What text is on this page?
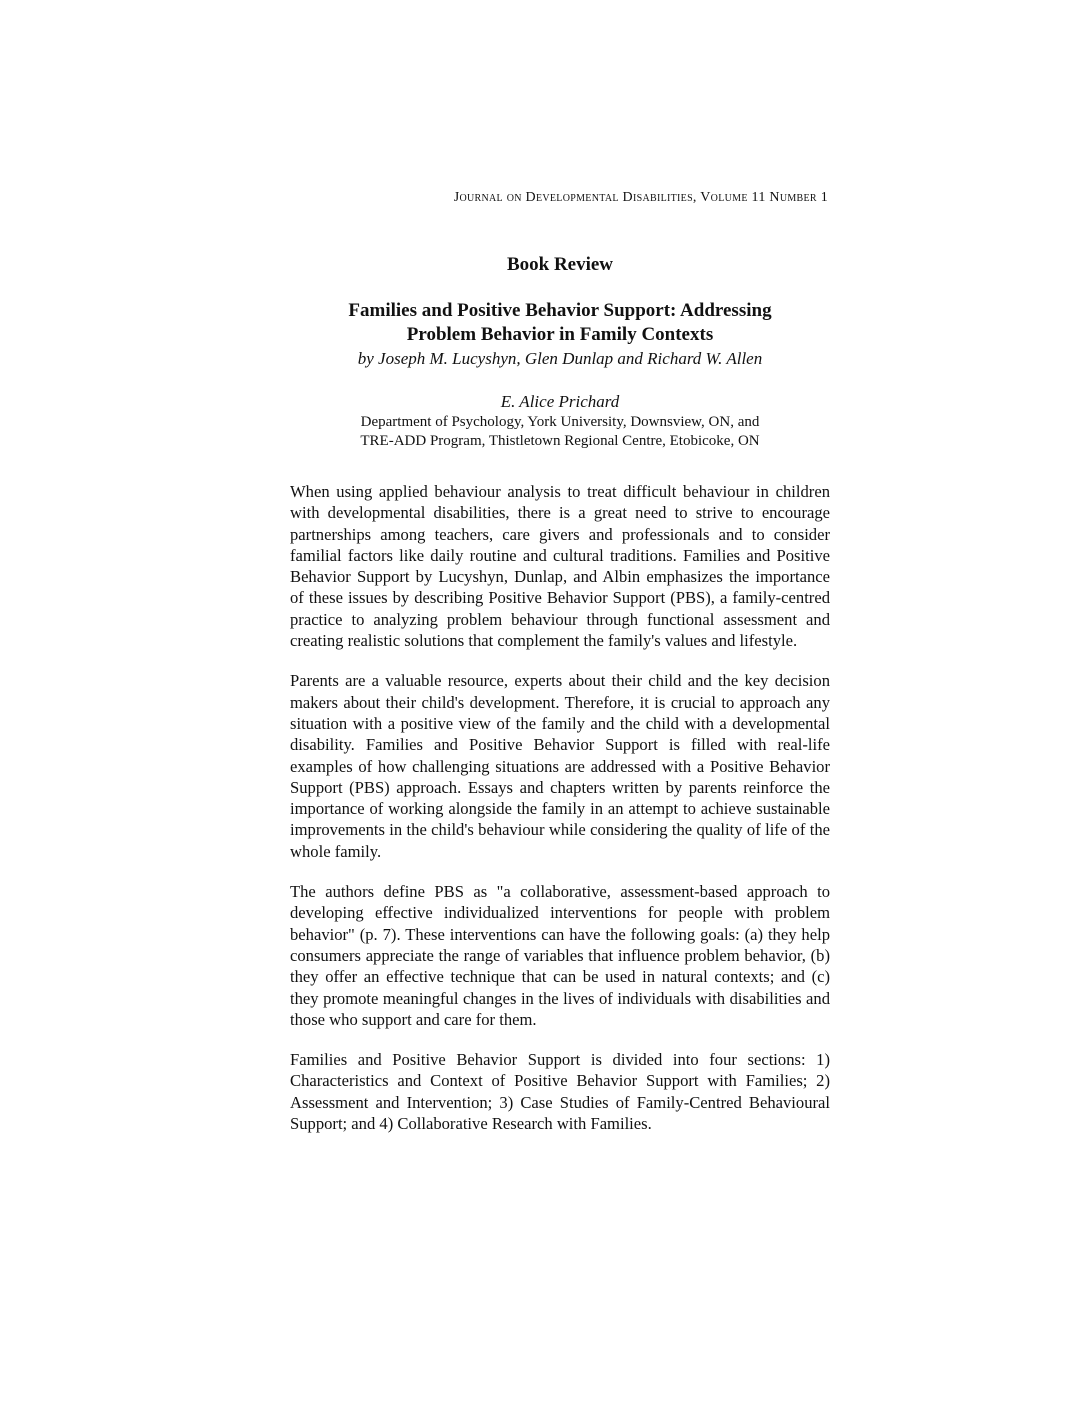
Journal on Developmental Disabilities, Volume 11 Number 1
Book Review
Families and Positive Behavior Support: Addressing
Problem Behavior in Family Contexts
by Joseph M. Lucyshyn, Glen Dunlap and Richard W. Allen
E. Alice Prichard
Department of Psychology, York University, Downsview, ON, and
TRE-ADD Program, Thistletown Regional Centre, Etobicoke, ON

When using applied behaviour analysis to treat difficult behaviour in children with developmental disabilities, there is a great need to strive to encourage partnerships among teachers, care givers and professionals and to consider familial factors like daily routine and cultural traditions. Families and Positive Behavior Support by Lucyshyn, Dunlap, and Albin emphasizes the importance of these issues by describing Positive Behavior Support (PBS), a family-centred practice to analyzing problem behaviour through functional assessment and creating realistic solutions that complement the family's values and lifestyle.

Parents are a valuable resource, experts about their child and the key decision makers about their child's development. Therefore, it is crucial to approach any situation with a positive view of the family and the child with a developmental disability. Families and Positive Behavior Support is filled with real-life examples of how challenging situations are addressed with a Positive Behavior Support (PBS) approach. Essays and chapters written by parents reinforce the importance of working alongside the family in an attempt to achieve sustainable improvements in the child's behaviour while considering the quality of life of the whole family.

The authors define PBS as "a collaborative, assessment-based approach to developing effective individualized interventions for people with problem behavior" (p. 7). These interventions can have the following goals: (a) they help consumers appreciate the range of variables that influence problem behavior, (b) they offer an effective technique that can be used in natural contexts; and (c) they promote meaningful changes in the lives of individuals with disabilities and those who support and care for them.

Families and Positive Behavior Support is divided into four sections: 1) Characteristics and Context of Positive Behavior Support with Families; 2) Assessment and Intervention; 3) Case Studies of Family-Centred Behavioural Support; and 4) Collaborative Research with Families.
